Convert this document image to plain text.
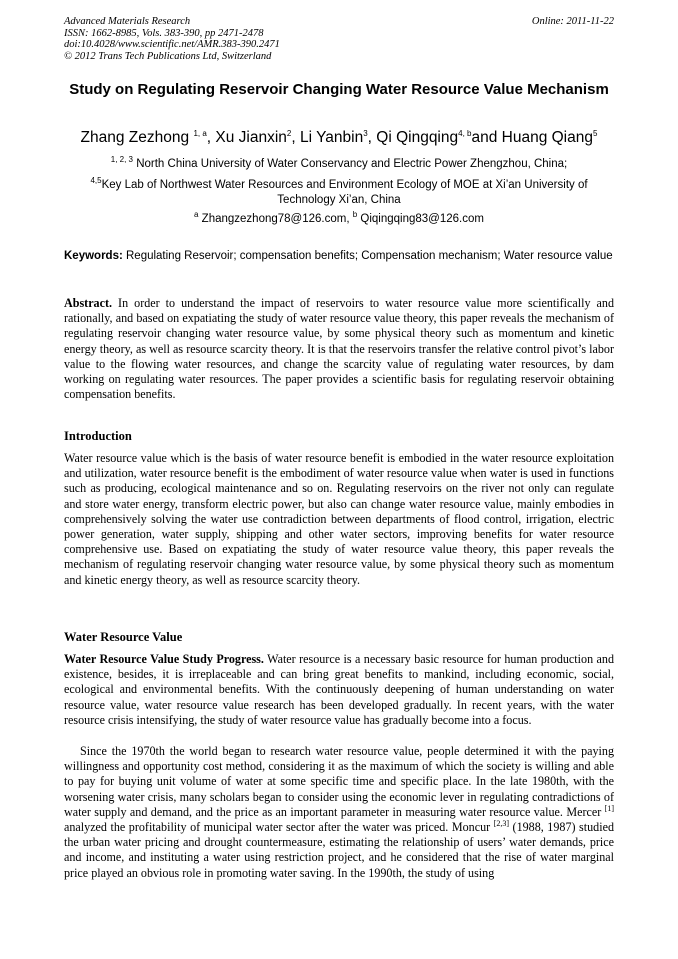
Advanced Materials Research
ISSN: 1662-8985, Vols. 383-390, pp 2471-2478
doi:10.4028/www.scientific.net/AMR.383-390.2471
© 2012 Trans Tech Publications Ltd, Switzerland
Online: 2011-11-22
Study on Regulating Reservoir Changing Water Resource Value Mechanism
Zhang Zezhong $^{1, a}$, Xu Jianxin$^2$, Li Yanbin$^3$, Qi Qingqing$^{4, b}$and Huang Qiang$^5$
$^{1, 2, 3}$ North China University of Water Conservancy and Electric Power Zhengzhou, China;
$^{4,5}$Key Lab of Northwest Water Resources and Environment Ecology of MOE at Xi’an University of Technology Xi’an, China
$^a$ Zhangzezhong78@126.com, $^b$ Qiqingqing83@126.com
Keywords: Regulating Reservoir; compensation benefits; Compensation mechanism; Water resource value
Abstract. In order to understand the impact of reservoirs to water resource value more scientifically and rationally, and based on expatiating the study of water resource value theory, this paper reveals the mechanism of regulating reservoir changing water resource value, by some physical theory such as momentum and kinetic energy theory, as well as resource scarcity theory. It is that the reservoirs transfer the relative control pivot’s labor value to the flowing water resources, and change the scarcity value of regulating water resources, by dam working on regulating water resources. The paper provides a scientific basis for regulating reservoir obtaining compensation benefits.
Introduction
Water resource value which is the basis of water resource benefit is embodied in the water resource exploitation and utilization, water resource benefit is the embodiment of water resource value when water is used in functions such as producing, ecological maintenance and so on. Regulating reservoirs on the river not only can regulate and store water energy, transform electric power, but also can change water resource value, mainly embodies in comprehensively solving the water use contradiction between departments of flood control, irrigation, electric power generation, water supply, shipping and other water sectors, improving benefits for water resource comprehensive use. Based on expatiating the study of water resource value theory, this paper reveals the mechanism of regulating reservoir changing water resource value, by some physical theory such as momentum and kinetic energy theory, as well as resource scarcity theory.
Water Resource Value
Water Resource Value Study Progress. Water resource is a necessary basic resource for human production and existence, besides, it is irreplaceable and can bring great benefits to mankind, including economic, social, ecological and environmental benefits. With the continuously deepening of human understanding on water resource value, water resource value research has been developed gradually. In recent years, with the water resource crisis intensifying, the study of water resource value has gradually become into a focus.
Since the 1970th the world began to research water resource value, people determined it with the paying willingness and opportunity cost method, considering it as the maximum of which the society is willing and able to pay for buying unit volume of water at some specific time and specific place. In the late 1980th, with the worsening water crisis, many scholars began to consider using the economic lever in regulating contradictions of water supply and demand, and the price as an important parameter in measuring water resource value. Mercer [1] analyzed the profitability of municipal water sector after the water was priced. Moncur [2,3] (1988, 1987) studied the urban water pricing and drought countermeasure, estimating the relationship of users’ water demands, price and income, and instituting a water using restriction project, and he considered that the rise of water marginal price played an obvious role in promoting water saving. In the 1990th, the study of using
